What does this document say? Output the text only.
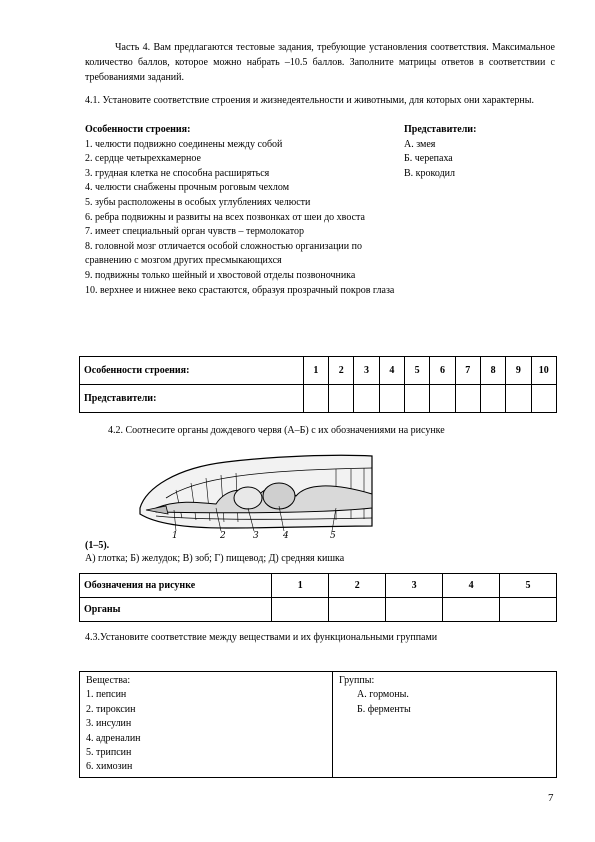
Часть 4. Вам предлагаются тестовые задания, требующие установления соответствия. Максимальное количество баллов, которое можно набрать –10.5 баллов. Заполните матрицы ответов в соответствии с требованиями заданий.
4.1. Установите соответствие строения и жизнедеятельности и животными, для которых они характерны.
Особенности строения:
1. челюсти подвижно соединены между собой
2. сердце четырехкамерное
3. грудная клетка не способна расширяться
4. челюсти снабжены прочным роговым чехлом
5. зубы расположены в особых углублениях челюсти
6. ребра подвижны и развиты на всех позвонках от шеи до хвоста
7. имеет специальный орган чувств – термолокатор
8. головной мозг отличается особой сложностью организации по сравнению с мозгом других пресмыкающихся
9. подвижны только шейный и хвостовой отделы позвоночника
10. верхнее и нижнее веко срастаются, образуя прозрачный покров глаза
Представители:
А. змея
Б. черепаха
В. крокодил
Особенности строения:	1	2	3	4	5	6	7	8	9	10
Представители:										
4.2. Соотнесите органы дождевого червя (А–Б) с их обозначениями на рисунке
1	2	3	4	5
(1–5).
А) глотка; Б) желудок; В) зоб; Г) пищевод; Д) средняя кишка
Обозначения на рисунке	1	2	3	4	5
Органы					
4.3.Установите соответствие между веществами и их функциональными группами
Вещества:
1. пепсин
2. тироксин
3. инсулин
4. адреналин
5. трипсин
6. химозин

Группы:
А. гормоны.
Б. ферменты
7
